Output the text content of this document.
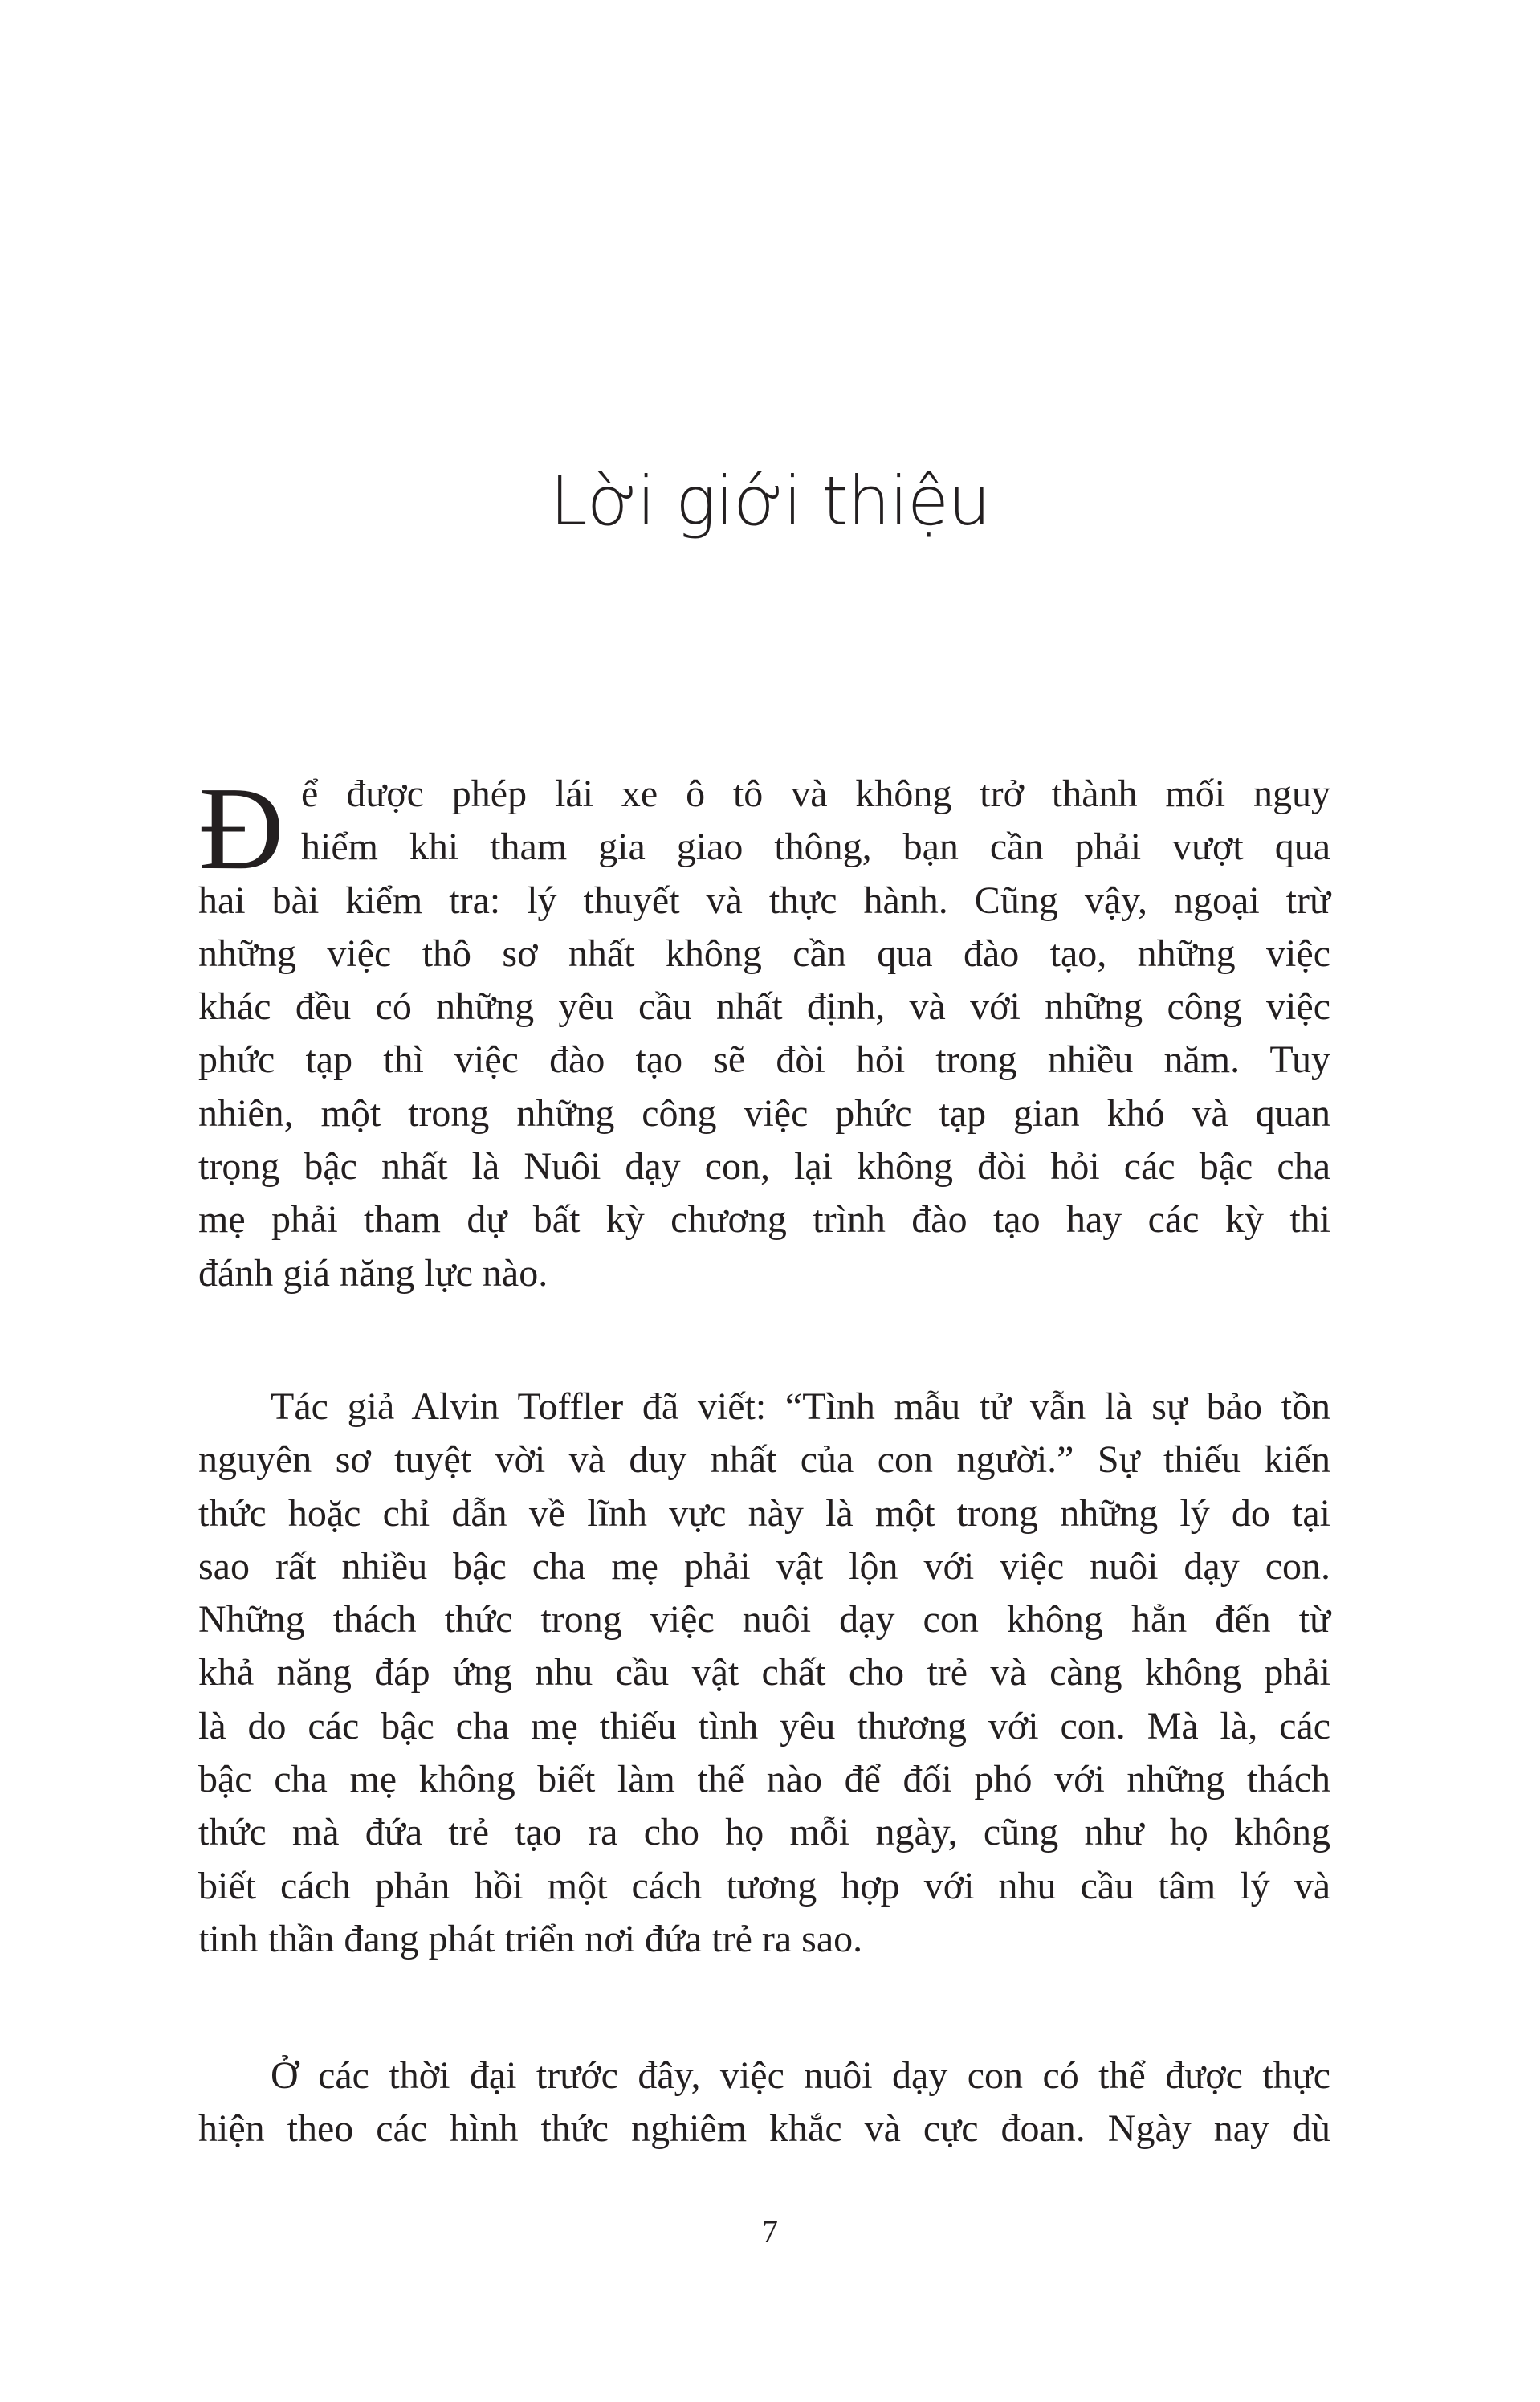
Lời giới thiệu
Đ ể được phép lái xe ô tô và không trở thành mối nguy
hiểm khi tham gia giao thông, bạn cần phải vượt qua
hai bài kiểm tra: lý thuyết và thực hành. Cũng vậy, ngoại trừ
những việc thô sơ nhất không cần qua đào tạo, những việc
khác đều có những yêu cầu nhất định, và với những công việc
phức tạp thì việc đào tạo sẽ đòi hỏi trong nhiều năm. Tuy
nhiên, một trong những công việc phức tạp gian khó và quan
trọng bậc nhất là Nuôi dạy con, lại không đòi hỏi các bậc cha
mẹ phải tham dự bất kỳ chương trình đào tạo hay các kỳ thi
đánh giá năng lực nào.
Tác giả Alvin Toffler đã viết: “Tình mẫu tử vẫn là sự bảo tồn
nguyên sơ tuyệt vời và duy nhất của con người.” Sự thiếu kiến
thức hoặc chỉ dẫn về lĩnh vực này là một trong những lý do tại
sao rất nhiều bậc cha mẹ phải vật lộn với việc nuôi dạy con.
Những thách thức trong việc nuôi dạy con không hẳn đến từ
khả năng đáp ứng nhu cầu vật chất cho trẻ và càng không phải
là do các bậc cha mẹ thiếu tình yêu thương với con. Mà là, các
bậc cha mẹ không biết làm thế nào để đối phó với những thách
thức mà đứa trẻ tạo ra cho họ mỗi ngày, cũng như họ không
biết cách phản hồi một cách tương hợp với nhu cầu tâm lý và
tinh thần đang phát triển nơi đứa trẻ ra sao.
Ở các thời đại trước đây, việc nuôi dạy con có thể được thực
hiện theo các hình thức nghiêm khắc và cực đoan. Ngày nay dù
7
